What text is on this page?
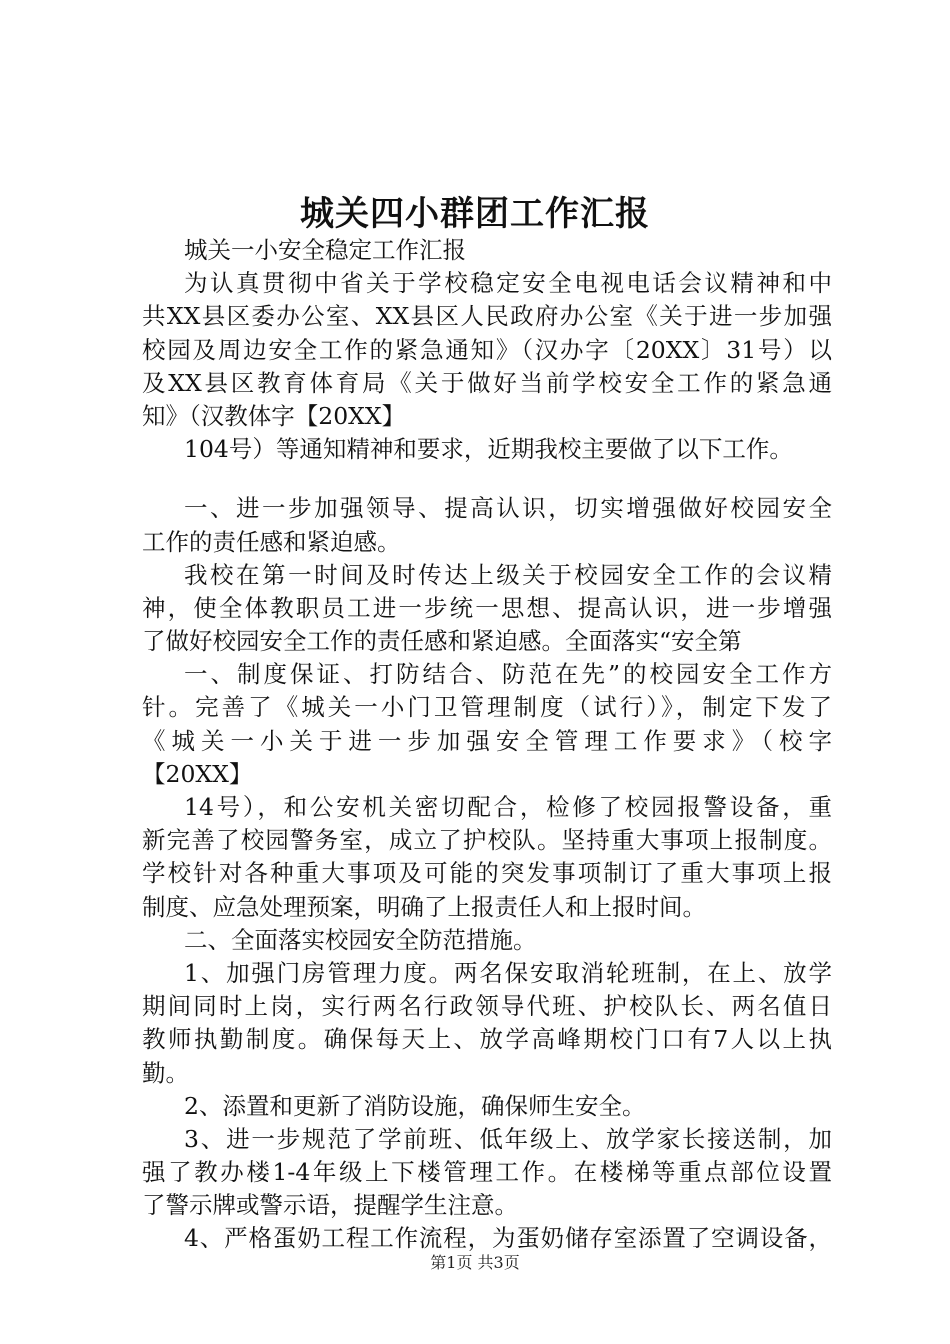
城关四小群团工作汇报
城关一小安全稳定工作汇报
为认真贯彻中省关于学校稳定安全电视电话会议精神和中
共XX县区委办公室、XX县区人民政府办公室《关于进一步加强
校园及周边安全工作的紧急通知》（汉办字〔20XX〕31号）以
及XX县区教育体育局《关于做好当前学校安全工作的紧急通
知》（汉教体字【20XX】
104号）等通知精神和要求，近期我校主要做了以下工作。
一、进一步加强领导、提高认识，切实增强做好校园安全
工作的责任感和紧迫感。
我校在第一时间及时传达上级关于校园安全工作的会议精
神，使全体教职员工进一步统一思想、提高认识，进一步增强
了做好校园安全工作的责任感和紧迫感。全面落实“安全第
一、制度保证、打防结合、防范在先”的校园安全工作方
针。完善了《城关一小门卫管理制度（试行）》，制定下发了
《城关一小关于进一步加强安全管理工作要求》（校字
【20XX】
14号），和公安机关密切配合，检修了校园报警设备，重
新完善了校园警务室，成立了护校队。坚持重大事项上报制度。
学校针对各种重大事项及可能的突发事项制订了重大事项上报
制度、应急处理预案，明确了上报责任人和上报时间。
二、全面落实校园安全防范措施。
1、加强门房管理力度。两名保安取消轮班制，在上、放学
期间同时上岗，实行两名行政领导代班、护校队长、两名值日
教师执勤制度。确保每天上、放学高峰期校门口有7人以上执
勤。
2、添置和更新了消防设施，确保师生安全。
3、进一步规范了学前班、低年级上、放学家长接送制，加
强了教办楼1-4年级上下楼管理工作。在楼梯等重点部位设置
了警示牌或警示语，提醒学生注意。
4、严格蛋奶工程工作流程，为蛋奶储存室添置了空调设备，
第1页 共3页
